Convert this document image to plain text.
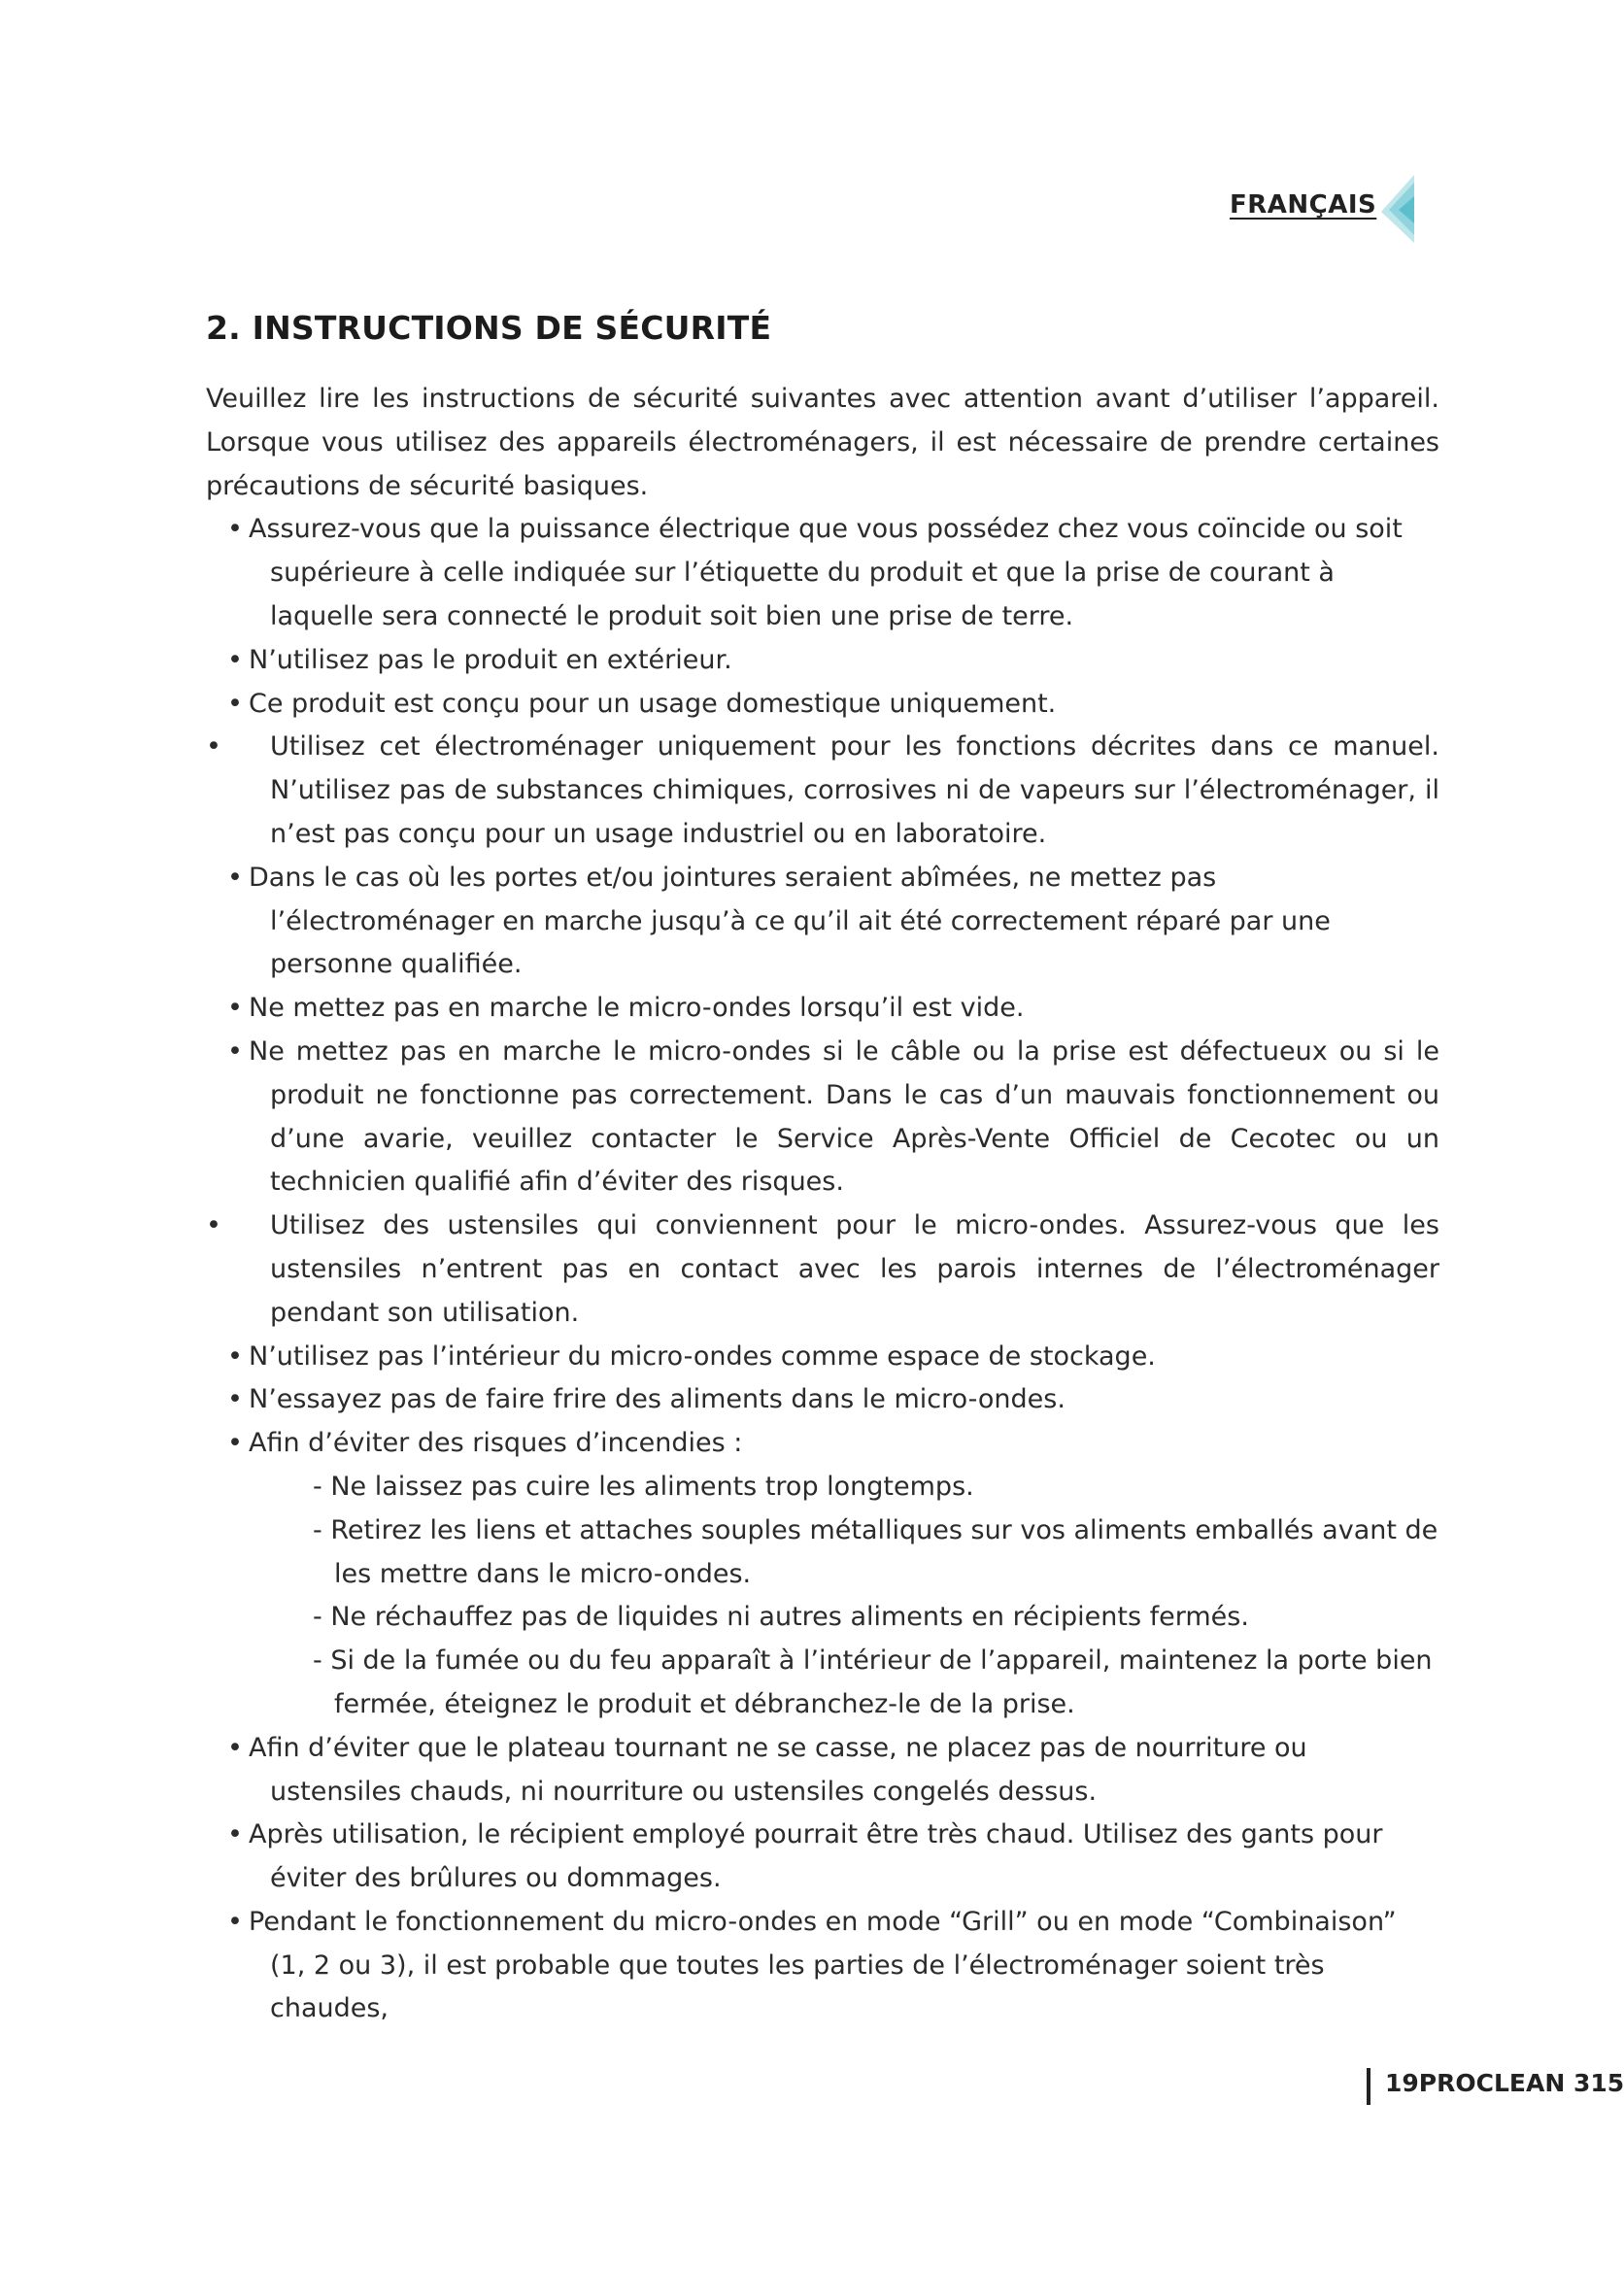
FRANÇAIS
2. INSTRUCTIONS DE SÉCURITÉ

Veuillez lire les instructions de sécurité suivantes avec attention avant d’utiliser l’appareil. Lorsque vous utilisez des appareils électroménagers, il est nécessaire de prendre certaines précautions de sécurité basiques.

• Assurez-vous que la puissance électrique que vous possédez chez vous coïncide ou soit supérieure à celle indiquée sur l’étiquette du produit et que la prise de courant à laquelle sera connecté le produit soit bien une prise de terre.
• N’utilisez pas le produit en extérieur.
• Ce produit est conçu pour un usage domestique uniquement.
• Utilisez cet électroménager uniquement pour les fonctions décrites dans ce manuel. N’utilisez pas de substances chimiques, corrosives ni de vapeurs sur l’électroménager, il n’est pas conçu pour un usage industriel ou en laboratoire.
• Dans le cas où les portes et/ou jointures seraient abîmées, ne mettez pas l’électroménager en marche jusqu’à ce qu’il ait été correctement réparé par une personne qualifiée.
• Ne mettez pas en marche le micro-ondes lorsqu’il est vide.
• Ne mettez pas en marche le micro-ondes si le câble ou la prise est défectueux ou si le produit ne fonctionne pas correctement. Dans le cas d’un mauvais fonctionnement ou d’une avarie, veuillez contacter le Service Après-Vente Officiel de Cecotec ou un technicien qualifié afin d’éviter des risques.
• Utilisez des ustensiles qui conviennent pour le micro-ondes. Assurez-vous que les ustensiles n’entrent pas en contact avec les parois internes de l’électroménager pendant son utilisation.
• N’utilisez pas l’intérieur du micro-ondes comme espace de stockage.
• N’essayez pas de faire frire des aliments dans le micro-ondes.
• Afin d’éviter des risques d’incendies :
- Ne laissez pas cuire les aliments trop longtemps.
- Retirez les liens et attaches souples métalliques sur vos aliments emballés avant de les mettre dans le micro-ondes.
- Ne réchauffez pas de liquides ni autres aliments en récipients fermés.
- Si de la fumée ou du feu apparaît à l’intérieur de l’appareil, maintenez la porte bien fermée, éteignez le produit et débranchez-le de la prise.
• Afin d’éviter que le plateau tournant ne se casse, ne placez pas de nourriture ou ustensiles chauds, ni nourriture ou ustensiles congelés dessus.
• Après utilisation, le récipient employé pourrait être très chaud. Utilisez des gants pour éviter des brûlures ou dommages.
• Pendant le fonctionnement du micro-ondes en mode “Grill” ou en mode “Combinaison” (1, 2 ou 3), il est probable que toutes les parties de l’électroménager soient très chaudes,
19PROCLEAN 315
